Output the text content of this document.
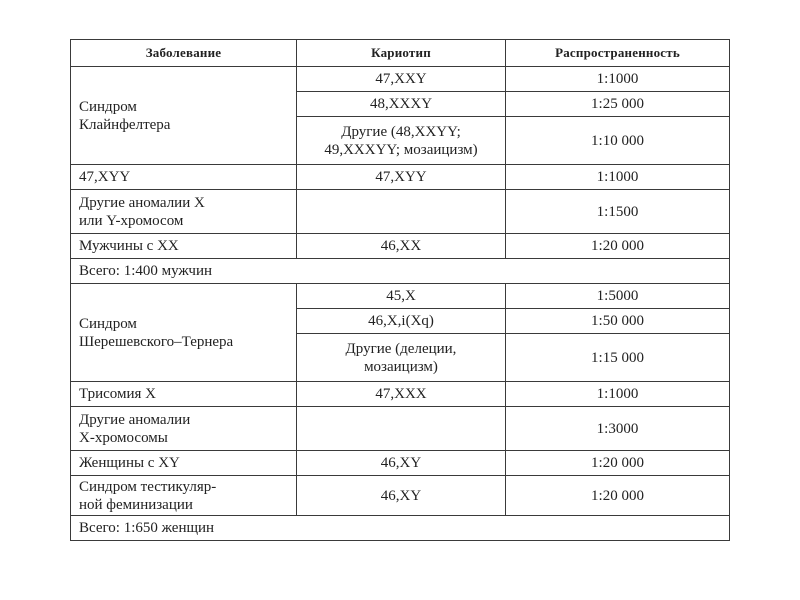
Заболевание	Кариотип	Распространенность
Синдром
Клайнфелтера	47,XXY	1:1000
	48,XXXY	1:25 000
	Другие (48,XXYY;
49,XXXYY; мозаицизм)	1:10 000
47,XYY	47,XYY	1:1000
Другие аномалии X
или Y-хромосом		1:1500
Мужчины с XX	46,XX	1:20 000
Всего: 1:400 мужчин		
Синдром
Шерешевского–Тернера	45,X	1:5000
	46,X,i(Xq)	1:50 000
	Другие (делеции,
мозаицизм)	1:15 000
Трисомия X	47,XXX	1:1000
Другие аномалии
X-хромосомы		1:3000
Женщины с XY	46,XY	1:20 000
Синдром тестикуляр-
ной феминизации	46,XY	1:20 000
Всего: 1:650 женщин		
